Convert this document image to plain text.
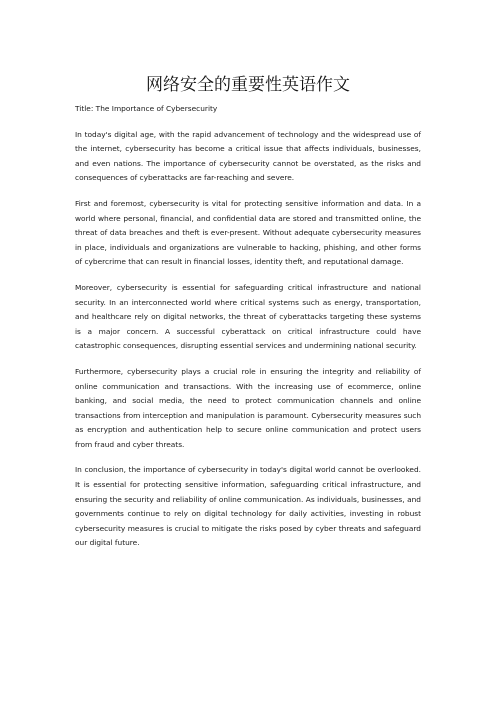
网络安全的重要性英语作文

Title: The Importance of Cybersecurity

In today's digital age, with the rapid advancement of technology and the widespread use of the internet, cybersecurity has become a critical issue that affects individuals, businesses, and even nations. The importance of cybersecurity cannot be overstated, as the risks and consequences of cyberattacks are far-reaching and severe.

First and foremost, cybersecurity is vital for protecting sensitive information and data. In a world where personal, financial, and confidential data are stored and transmitted online, the threat of data breaches and theft is ever-present. Without adequate cybersecurity measures in place, individuals and organizations are vulnerable to hacking, phishing, and other forms of cybercrime that can result in financial losses, identity theft, and reputational damage.

Moreover, cybersecurity is essential for safeguarding critical infrastructure and national security. In an interconnected world where critical systems such as energy, transportation, and healthcare rely on digital networks, the threat of cyberattacks targeting these systems is a major concern. A successful cyberattack on critical infrastructure could have catastrophic consequences, disrupting essential services and undermining national security.

Furthermore, cybersecurity plays a crucial role in ensuring the integrity and reliability of online communication and transactions. With the increasing use of ecommerce, online banking, and social media, the need to protect communication channels and online transactions from interception and manipulation is paramount. Cybersecurity measures such as encryption and authentication help to secure online communication and protect users from fraud and cyber threats.

In conclusion, the importance of cybersecurity in today's digital world cannot be overlooked. It is essential for protecting sensitive information, safeguarding critical infrastructure, and ensuring the security and reliability of online communication. As individuals, businesses, and governments continue to rely on digital technology for daily activities, investing in robust cybersecurity measures is crucial to mitigate the risks posed by cyber threats and safeguard our digital future.
